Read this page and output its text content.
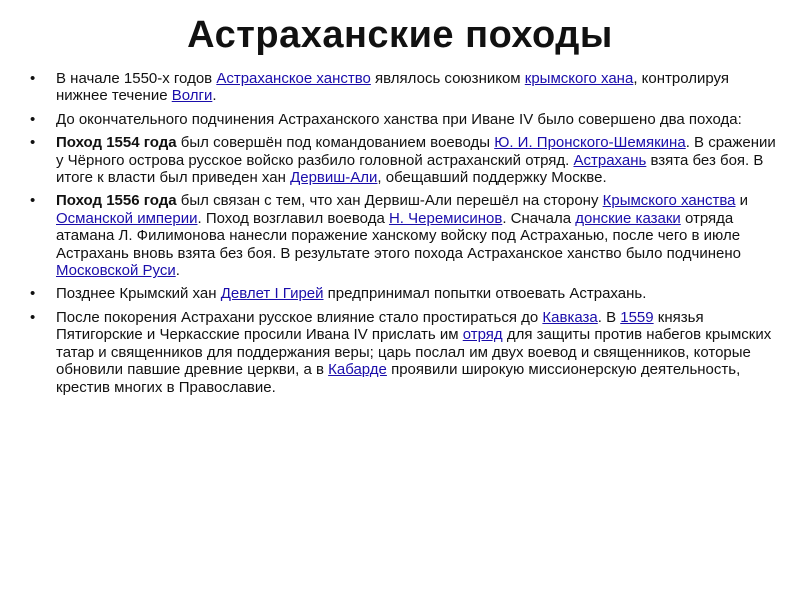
Астраханские походы
• В начале 1550-х годов Астраханское ханство являлось союзником крымского хана, контролируя нижнее течение Волги.
• До окончательного подчинения Астраханского ханства при Иване IV было совершено два похода:
• Поход 1554 года был совершён под командованием воеводы Ю. И. Пронского-Шемякина. В сражении у Чёрного острова русское войско разбило головной астраханский отряд. Астрахань взята без боя. В итоге к власти был приведен хан Дервиш-Али, обещавший поддержку Москве.
• Поход 1556 года был связан с тем, что хан Дервиш-Али перешёл на сторону Крымского ханства и Османской империи. Поход возглавил воевода Н. Черемисинов. Сначала донские казаки отряда атамана Л. Филимонова нанесли поражение ханскому войску под Астраханью, после чего в июле Астрахань вновь взята без боя. В результате этого похода Астраханское ханство было подчинено Московской Руси.
• Позднее Крымский хан Девлет I Гирей предпринимал попытки отвоевать Астрахань.
• После покорения Астрахани русское влияние стало простираться до Кавказа. В 1559 князья Пятигорские и Черкасские просили Ивана IV прислать им отряд для защиты против набегов крымских татар и священников для поддержания веры; царь послал им двух воевод и священников, которые обновили павшие древние церкви, а в Кабарде проявили широкую миссионерскую деятельность, крестив многих в Православие.
